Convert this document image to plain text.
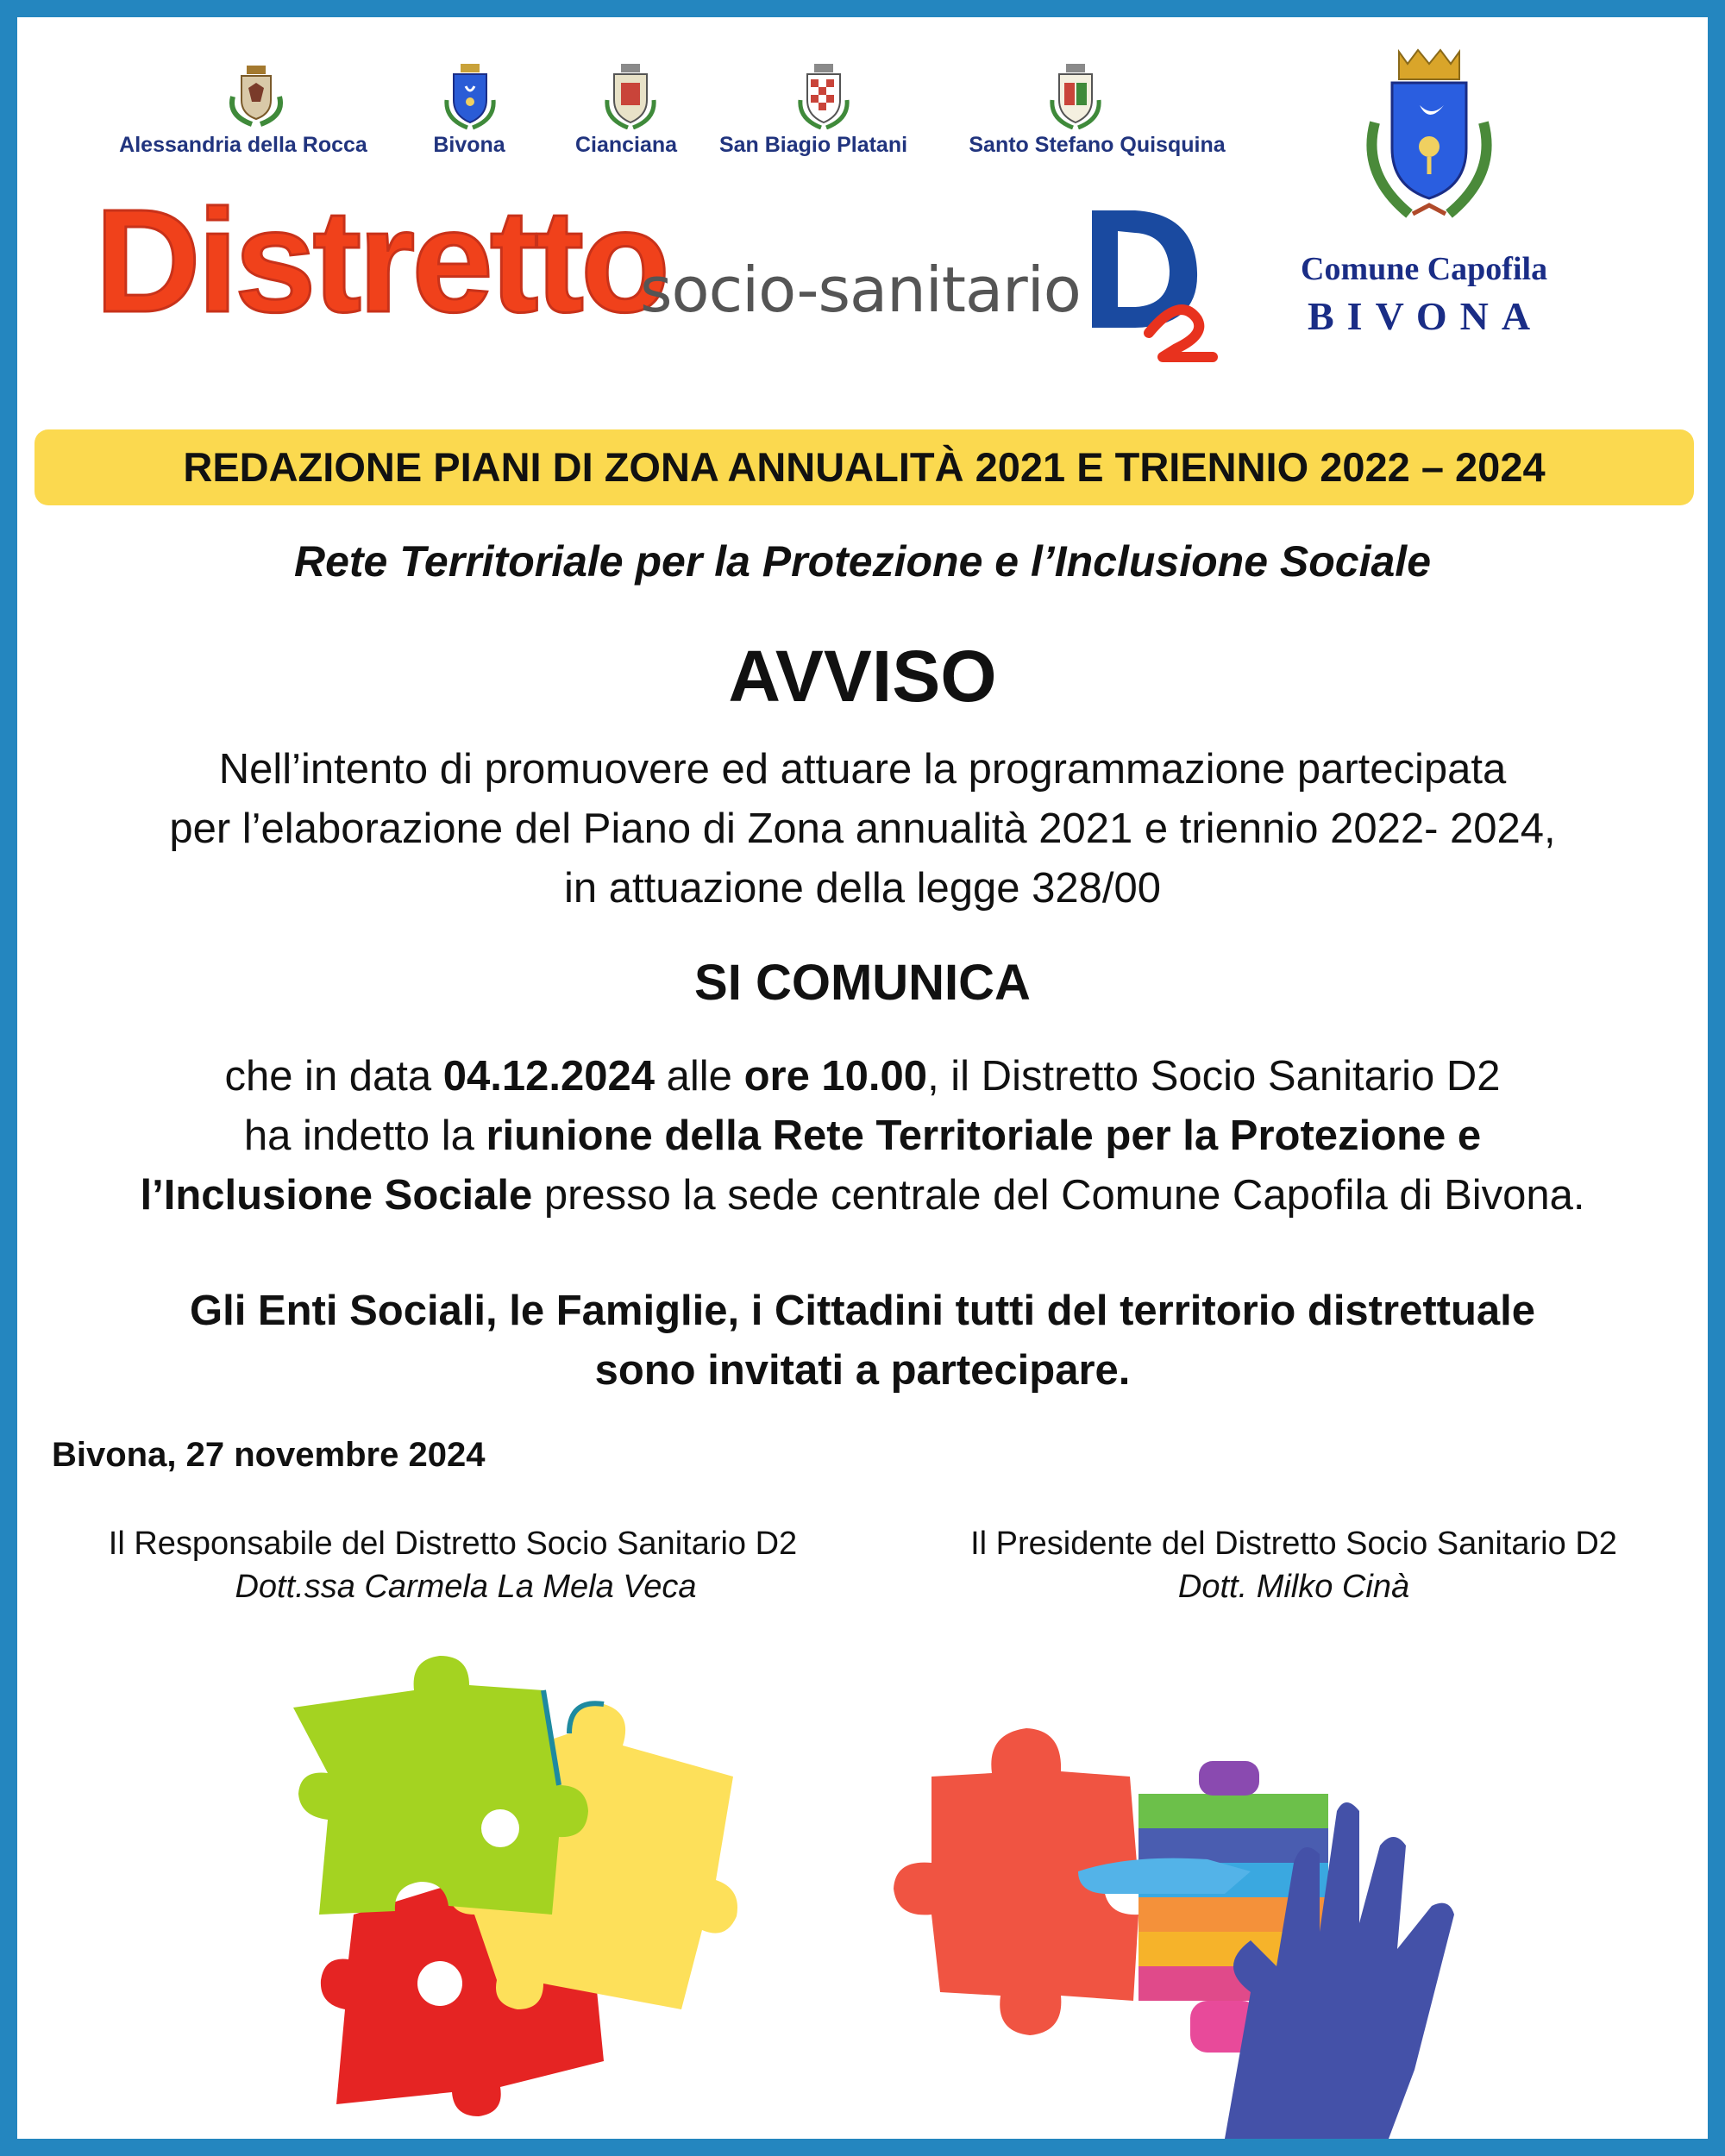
Alessandria della Rocca	Bivona	Cianciana San Biagio Platani	Santo Stefano Quisquina
Distretto
socio-sanitario	Comune Capofila
BIVONA
REDAZIONE PIANI DI ZONA ANNUALITÀ 2021 E TRIENNIO 2022 – 2024
Rete Territoriale per la Protezione e l’Inclusione Sociale
AVVISO
Nell’intento di promuovere ed attuare la programmazione partecipata
per l’elaborazione del Piano di Zona annualità 2021 e triennio 2022- 2024,
in attuazione della legge 328/00
SI COMUNICA
che in data 04.12.2024 alle ore 10.00, il Distretto Socio Sanitario D2
ha indetto la riunione della Rete Territoriale per la Protezione e
l’Inclusione Sociale presso la sede centrale del Comune Capofila di Bivona.
Gli Enti Sociali, le Famiglie, i Cittadini tutti del territorio distrettuale
sono invitati a partecipare.
Bivona, 27 novembre 2024
Il Responsabile del Distretto Socio Sanitario D2
Dott.ssa Carmela La Mela Veca
Il Presidente del Distretto Socio Sanitario D2
Dott. Milko Cinà
